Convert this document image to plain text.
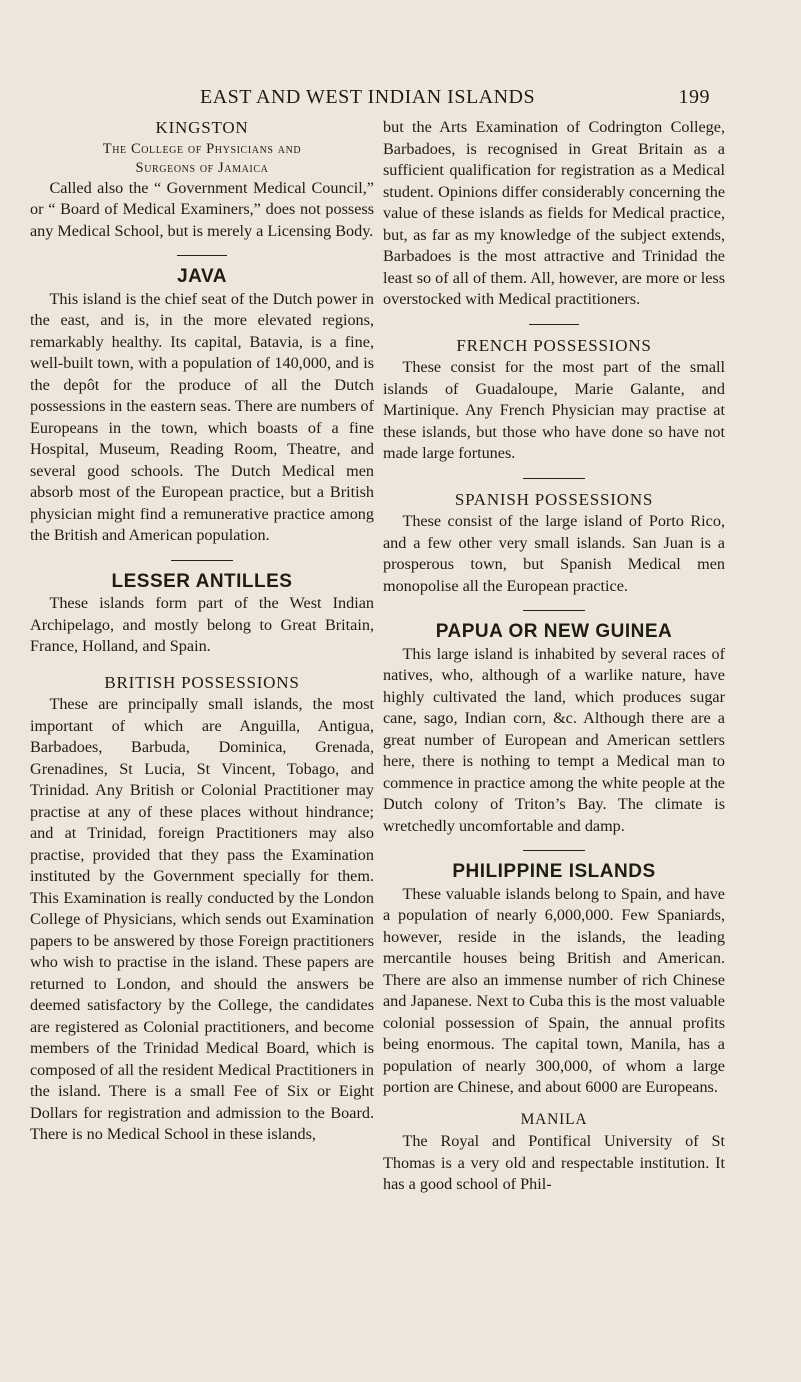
EAST AND WEST INDIAN ISLANDS	199
KINGSTON
The College of Physicians and
Surgeons of Jamaica

Called also the “ Government Medical Council,” or “ Board of Medical Examiners,” does not possess any Medical School, but is merely a Licensing Body.

JAVA

This island is the chief seat of the Dutch power in the east, and is, in the more elevated regions, remarkably healthy. Its capital, Batavia, is a fine, well-built town, with a population of 140,000, and is the depôt for the produce of all the Dutch possessions in the eastern seas. There are numbers of Europeans in the town, which boasts of a fine Hospital, Museum, Reading Room, Theatre, and several good schools. The Dutch Medical men absorb most of the European practice, but a British physician might find a remunerative practice among the British and American population.

LESSER ANTILLES

These islands form part of the West Indian Archipelago, and mostly belong to Great Britain, France, Holland, and Spain.

BRITISH POSSESSIONS

These are principally small islands, the most important of which are Anguilla, Antigua, Barbadoes, Barbuda, Dominica, Grenada, Grenadines, St Lucia, St Vincent, Tobago, and Trinidad. Any British or Colonial Practitioner may practise at any of these places without hindrance; and at Trinidad, foreign Practitioners may also practise, provided that they pass the Examination instituted by the Government specially for them. This Examination is really conducted by the London College of Physicians, which sends out Examination papers to be answered by those Foreign practitioners who wish to practise in the island. These papers are returned to London, and should the answers be deemed satisfactory by the College, the candidates are registered as Colonial practitioners, and become members of the Trinidad Medical Board, which is composed of all the resident Medical Practitioners in the island. There is a small Fee of Six or Eight Dollars for registration and admission to the Board. There is no Medical School in these islands,

but the Arts Examination of Codrington College, Barbadoes, is recognised in Great Britain as a sufficient qualification for registration as a Medical student. Opinions differ considerably concerning the value of these islands as fields for Medical practice, but, as far as my knowledge of the subject extends, Barbadoes is the most attractive and Trinidad the least so of all of them. All, however, are more or less overstocked with Medical practitioners.

FRENCH POSSESSIONS

These consist for the most part of the small islands of Guadaloupe, Marie Galante, and Martinique. Any French Physician may practise at these islands, but those who have done so have not made large fortunes.

SPANISH POSSESSIONS

These consist of the large island of Porto Rico, and a few other very small islands. San Juan is a prosperous town, but Spanish Medical men monopolise all the European practice.

PAPUA OR NEW GUINEA

This large island is inhabited by several races of natives, who, although of a warlike nature, have highly cultivated the land, which produces sugar cane, sago, Indian corn, &c. Although there are a great number of European and American settlers here, there is nothing to tempt a Medical man to commence in practice among the white people at the Dutch colony of Triton’s Bay. The climate is wretchedly uncomfortable and damp.

PHILIPPINE ISLANDS

These valuable islands belong to Spain, and have a population of nearly 6,000,000. Few Spaniards, however, reside in the islands, the leading mercantile houses being British and American. There are also an immense number of rich Chinese and Japanese. Next to Cuba this is the most valuable colonial possession of Spain, the annual profits being enormous. The capital town, Manila, has a population of nearly 300,000, of whom a large portion are Chinese, and about 6000 are Europeans.

MANILA

The Royal and Pontifical University of St Thomas is a very old and respectable institution. It has a good school of Phil-
